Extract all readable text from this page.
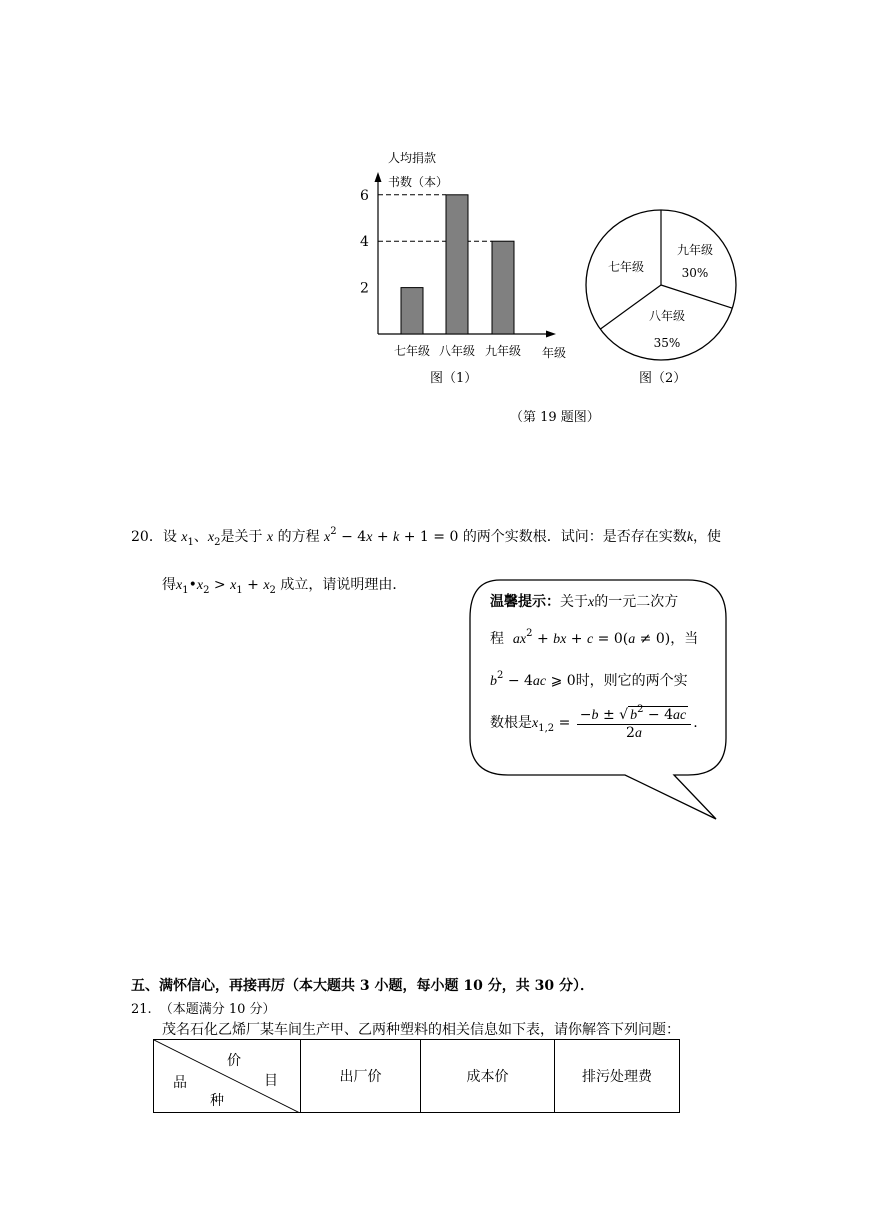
人均捐款
书数（本）
2
4
6
七年级 八年级 九年级 年级
图（1）
七年级
九年级
30%
八年级
35%
图（2）
（第 19 题图）
20．设 $x_1$、$x_2$是关于 x 的方程 $x^2 - 4x + k + 1 = 0$ 的两个实数根．试问：是否存在实数k，使
得$x_1•x_2 > x_1 + x_2$ 成立，请说明理由．
温馨提示：关于x的一元二次方
程 $ax^2$ + bx + c = 0(a ≠ 0)，当
$b^2 - 4ac$ ⩾ 0时，则它的两个实
数根是$x_{1,2} = \frac{-b \pm √ b^2 - 4ac}{2a}$ .
五、满怀信心，再接再厉（本大题共 3 小题，每小题 10 分，共 30 分）．
21. （本题满分 10 分）
茂名石化乙烯厂某车间生产甲、乙两种塑料的相关信息如下表，请你解答下列问题：
价
目
品
种
	出厂价	成本价	排污处理费
